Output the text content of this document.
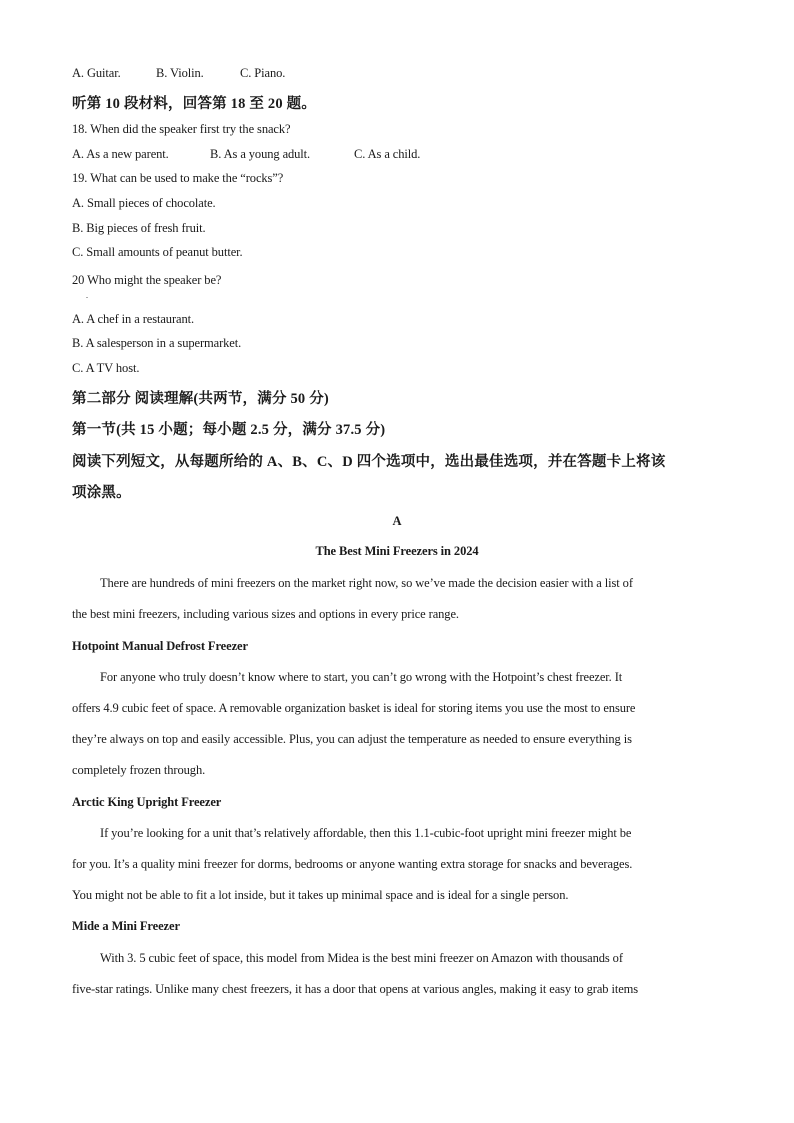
A. Guitar.	B. Violin.	C. Piano.
听第 10 段材料，回答第 18 至 20 题。
18. When did the speaker first try the snack?
A. As a new parent.	B. As a young adult.	C. As a child.
19. What can be used to make the “rocks”?
A. Small pieces of chocolate.
B. Big pieces of fresh fruit.
C. Small amounts of peanut butter.
20 Who might the speaker be?
.
A. A chef in a restaurant.
B. A salesperson in a supermarket.
C. A TV host.
第二部分 阅读理解(共两节，满分 50 分)
第一节(共 15 小题；每小题 2.5 分，满分 37.5 分)
阅读下列短文，从每题所给的 A、B、C、D 四个选项中，选出最佳选项，并在答题卡上将该
项涂黑。
A
The Best Mini Freezers in 2024
There are hundreds of mini freezers on the market right now, so we’ve made the decision easier with a list of
the best mini freezers, including various sizes and options in every price range.
Hotpoint Manual Defrost Freezer
For anyone who truly doesn’t know where to start, you can’t go wrong with the Hotpoint’s chest freezer. It
offers 4.9 cubic feet of space. A removable organization basket is ideal for storing items you use the most to ensure
they’re always on top and easily accessible. Plus, you can adjust the temperature as needed to ensure everything is
completely frozen through.
Arctic King Upright Freezer
If you’re looking for a unit that’s relatively affordable, then this 1.1-cubic-foot upright mini freezer might be
for you. It’s a quality mini freezer for dorms, bedrooms or anyone wanting extra storage for snacks and beverages.
You might not be able to fit a lot inside, but it takes up minimal space and is ideal for a single person.
Mide a Mini Freezer
With 3. 5 cubic feet of space, this model from Midea is the best mini freezer on Amazon with thousands of
five-star ratings. Unlike many chest freezers, it has a door that opens at various angles, making it easy to grab items
